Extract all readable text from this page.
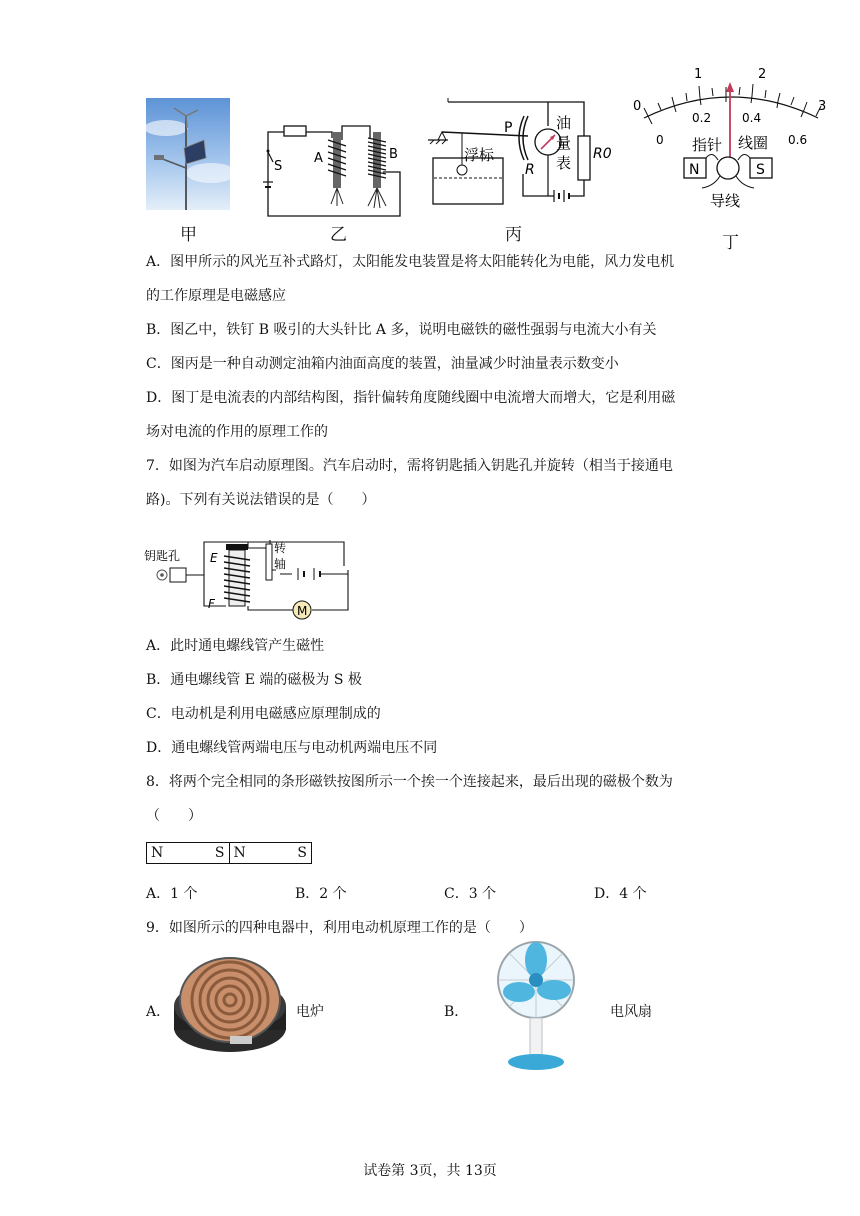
S
A	B
P
浮标
R
油
量
表 R0
0
1	2
3
0
0.2	0.4
0.6
指针 线圈
N	S
导线
甲	乙	丙	丁
A．图甲所示的风光互补式路灯，太阳能发电装置是将太阳能转化为电能，风力发电机
的工作原理是电磁感应
B．图乙中，铁钉 B 吸引的大头针比 A 多，说明电磁铁的磁性强弱与电流大小有关
C．图丙是一种自动测定油箱内油面高度的装置，油量减少时油量表示数变小
D．图丁是电流表的内部结构图，指针偏转角度随线圈中电流增大而增大，它是利用磁
场对电流的作用的原理工作的
7．如图为汽车启动原理图。汽车启动时，需将钥匙插入钥匙孔并旋转（相当于接通电
路)。下列有关说法错误的是（　　）
钥匙孔 E
F
转
轴
M
A．此时通电螺线管产生磁性
B．通电螺线管 E 端的磁极为 S 极
C．电动机是利用电磁感应原理制成的
D．通电螺线管两端电压与电动机两端电压不同
8．将两个完全相同的条形磁铁按图所示一个挨一个连接起来，最后出现的磁极个数为
（　　）
N	S N	S
A．1 个	B．2 个	C．3 个	D．4 个
9．如图所示的四种电器中，利用电动机原理工作的是（　　）
A．	电炉	B．	电风扇
试卷第 3页，共 13页
